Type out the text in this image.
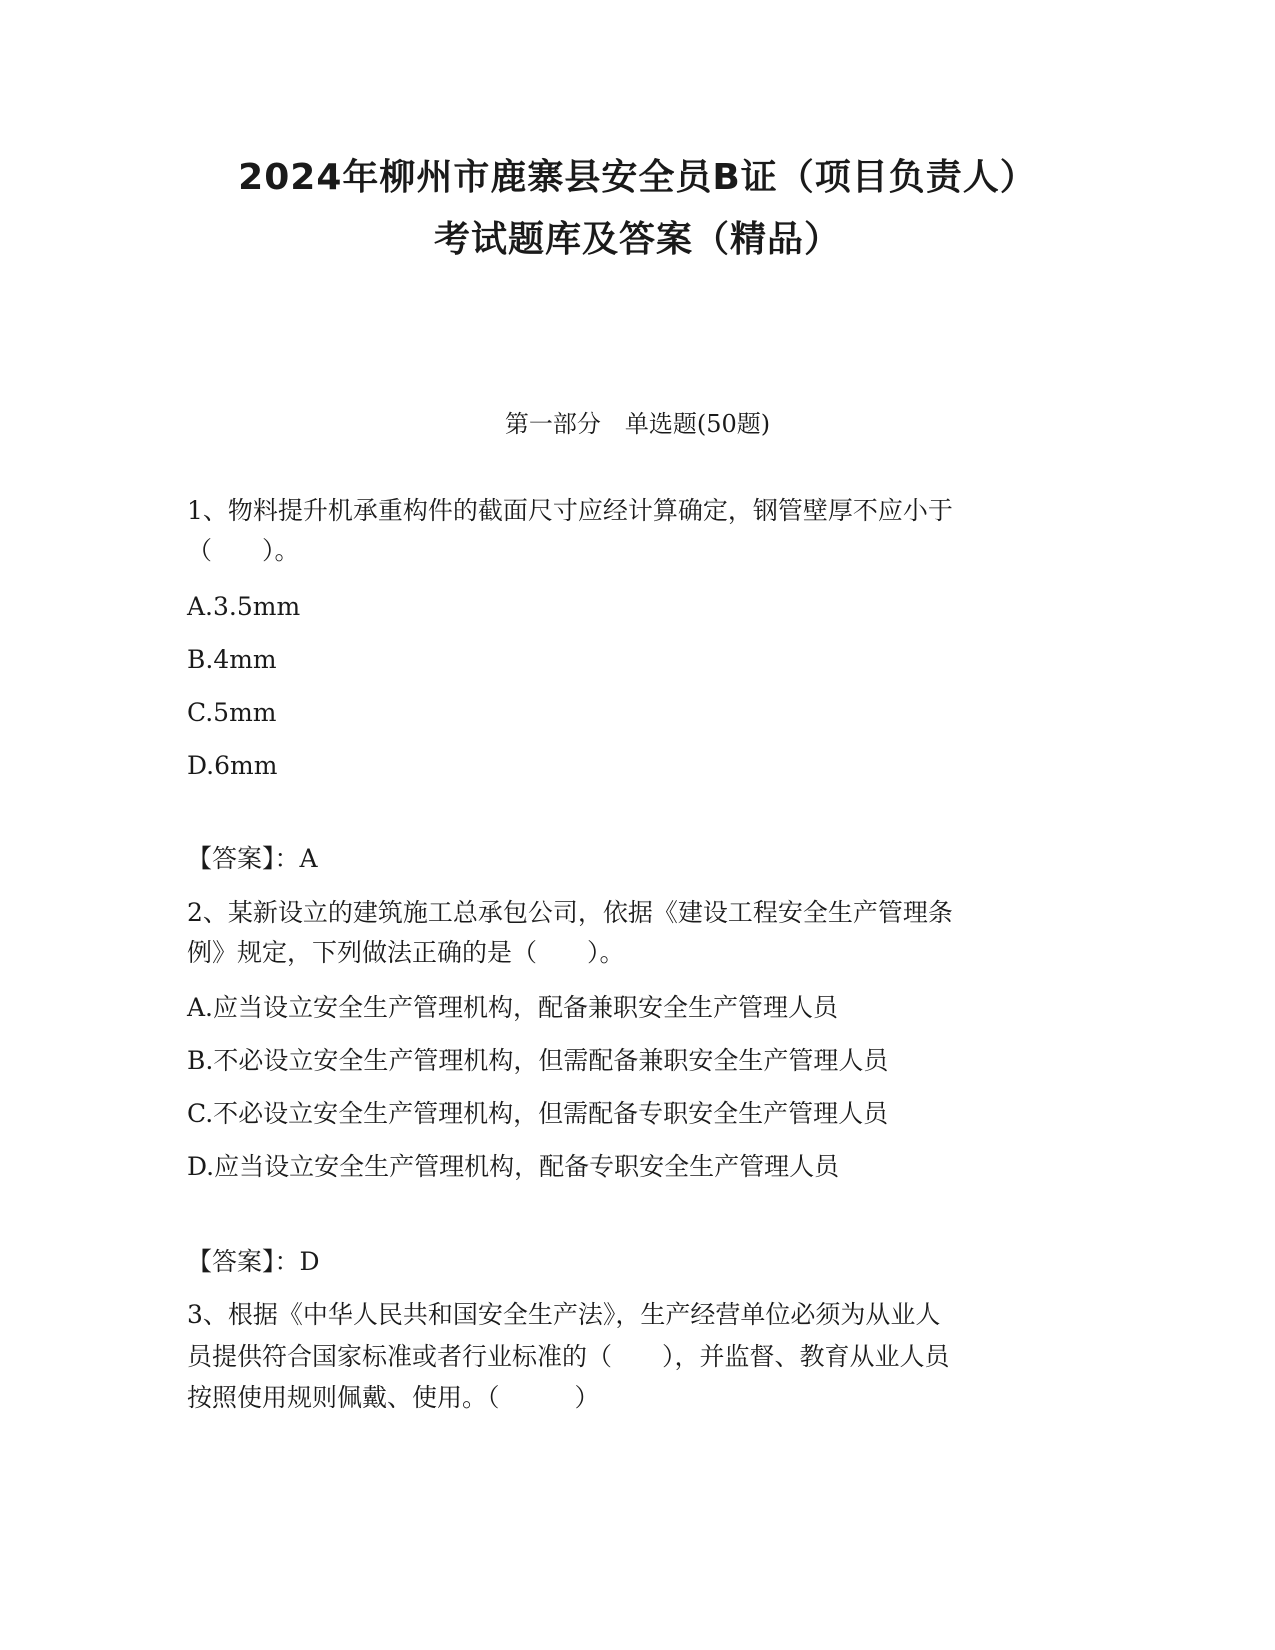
2024年柳州市鹿寨县安全员B证（项目负责人）
考试题库及答案（精品）
第一部分　单选题(50题)
1、物料提升机承重构件的截面尺寸应经计算确定，钢管壁厚不应小于
（　　）。
A.3.5mm
B.4mm
C.5mm
D.6mm
【答案】：A
2、某新设立的建筑施工总承包公司，依据《建设工程安全生产管理条
例》规定，下列做法正确的是（　　）。
A.应当设立安全生产管理机构，配备兼职安全生产管理人员
B.不必设立安全生产管理机构，但需配备兼职安全生产管理人员
C.不必设立安全生产管理机构，但需配备专职安全生产管理人员
D.应当设立安全生产管理机构，配备专职安全生产管理人员
【答案】：D
3、根据《中华人民共和国安全生产法》，生产经营单位必须为从业人
员提供符合国家标准或者行业标准的（　　），并监督、教育从业人员
按照使用规则佩戴、使用。（　　　）
